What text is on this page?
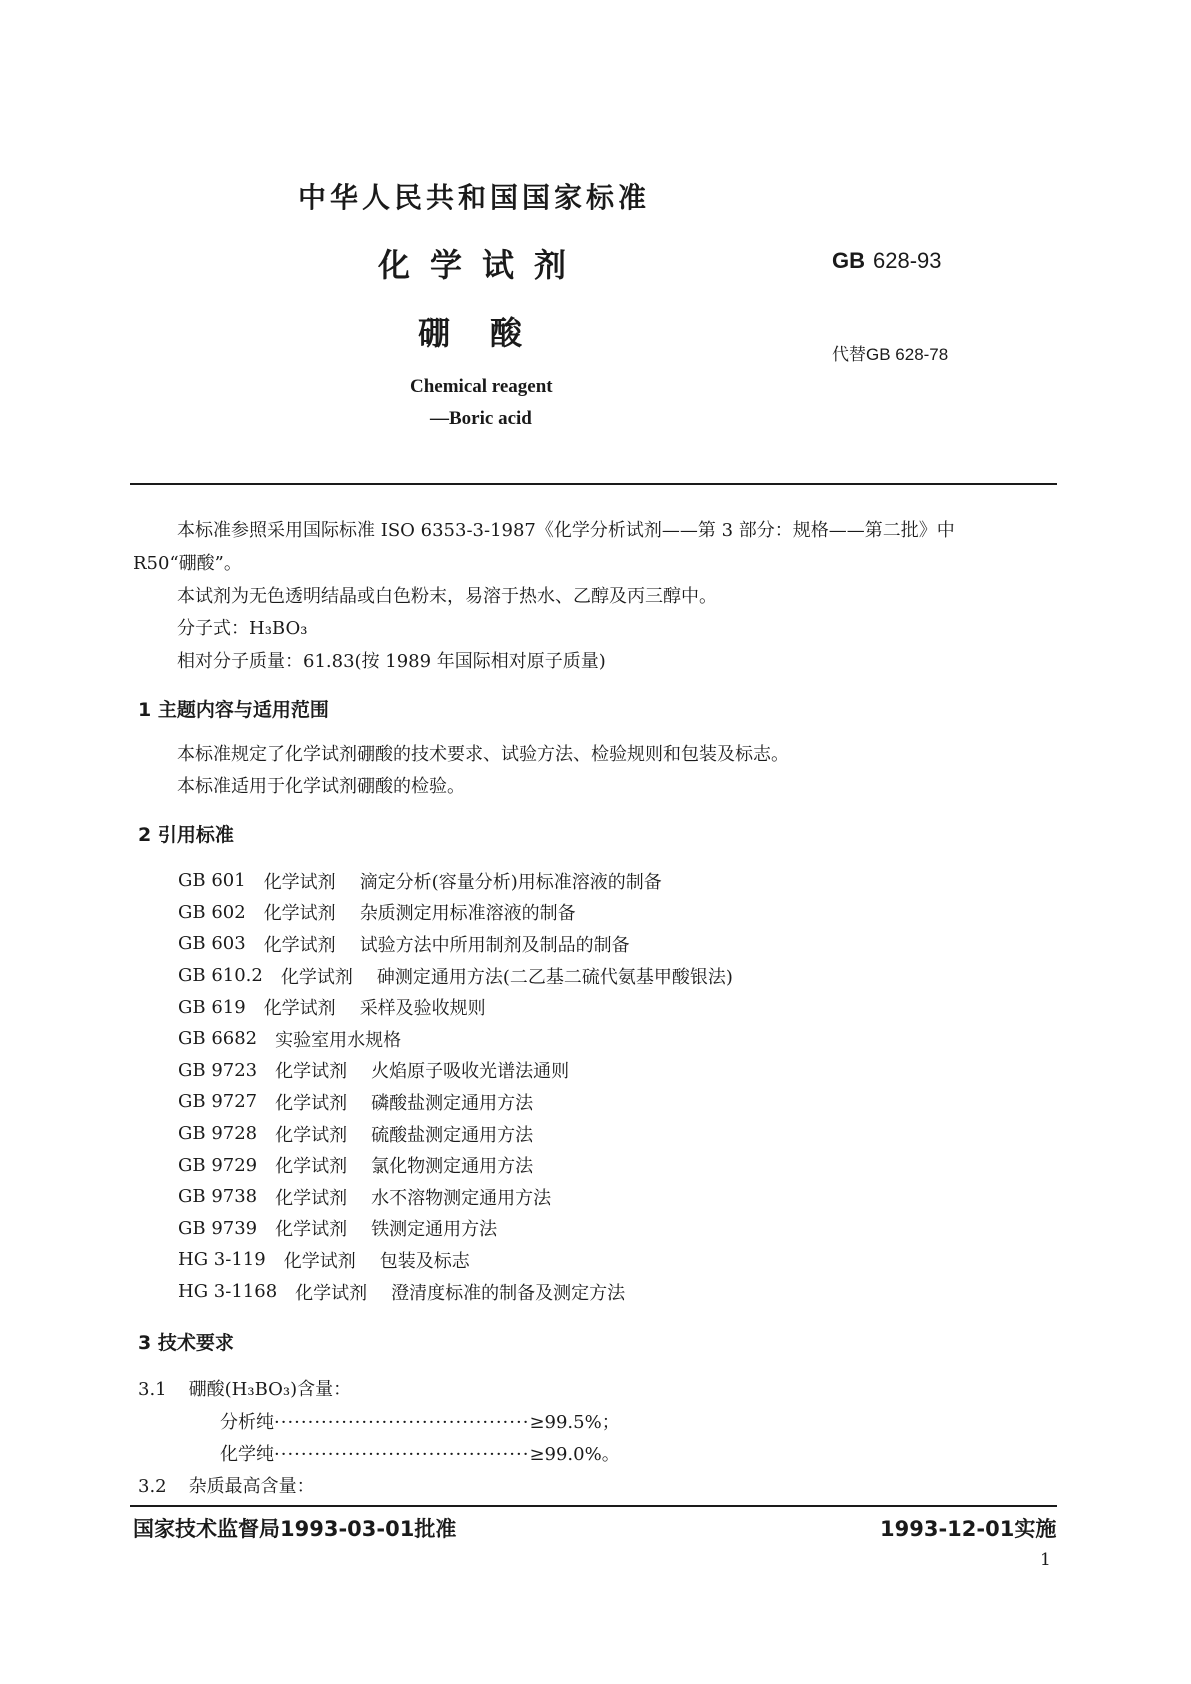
中华人民共和国国家标准
化学试剂
硼酸
GB 628-93
代替GB 628-78
Chemical reagent
—Boric acid
本标准参照采用国际标准 ISO 6353-3-1987《化学分析试剂——第 3 部分：规格——第二批》中
R50“硼酸”。
本试剂为无色透明结晶或白色粉末，易溶于热水、乙醇及丙三醇中。
分子式：H₃BO₃
相对分子质量：61.83(按 1989 年国际相对原子质量)
1 主题内容与适用范围
本标准规定了化学试剂硼酸的技术要求、试验方法、检验规则和包装及标志。
本标准适用于化学试剂硼酸的检验。
2 引用标准
GB 601 化学试剂 滴定分析(容量分析)用标准溶液的制备
GB 602 化学试剂 杂质测定用标准溶液的制备
GB 603 化学试剂 试验方法中所用制剂及制品的制备
GB 610.2 化学试剂 砷测定通用方法(二乙基二硫代氨基甲酸银法)
GB 619 化学试剂 采样及验收规则
GB 6682 实验室用水规格
GB 9723 化学试剂 火焰原子吸收光谱法通则
GB 9727 化学试剂 磷酸盐测定通用方法
GB 9728 化学试剂 硫酸盐测定通用方法
GB 9729 化学试剂 氯化物测定通用方法
GB 9738 化学试剂 水不溶物测定通用方法
GB 9739 化学试剂 铁测定通用方法
HG 3-119 化学试剂 包装及标志
HG 3-1168 化学试剂 澄清度标准的制备及测定方法
3 技术要求
3.1 硼酸(H₃BO₃)含量：
分析纯······································≥99.5%；
化学纯······································≥99.0%。
3.2 杂质最高含量：
国家技术监督局1993-03-01批准	1993-12-01实施
1
